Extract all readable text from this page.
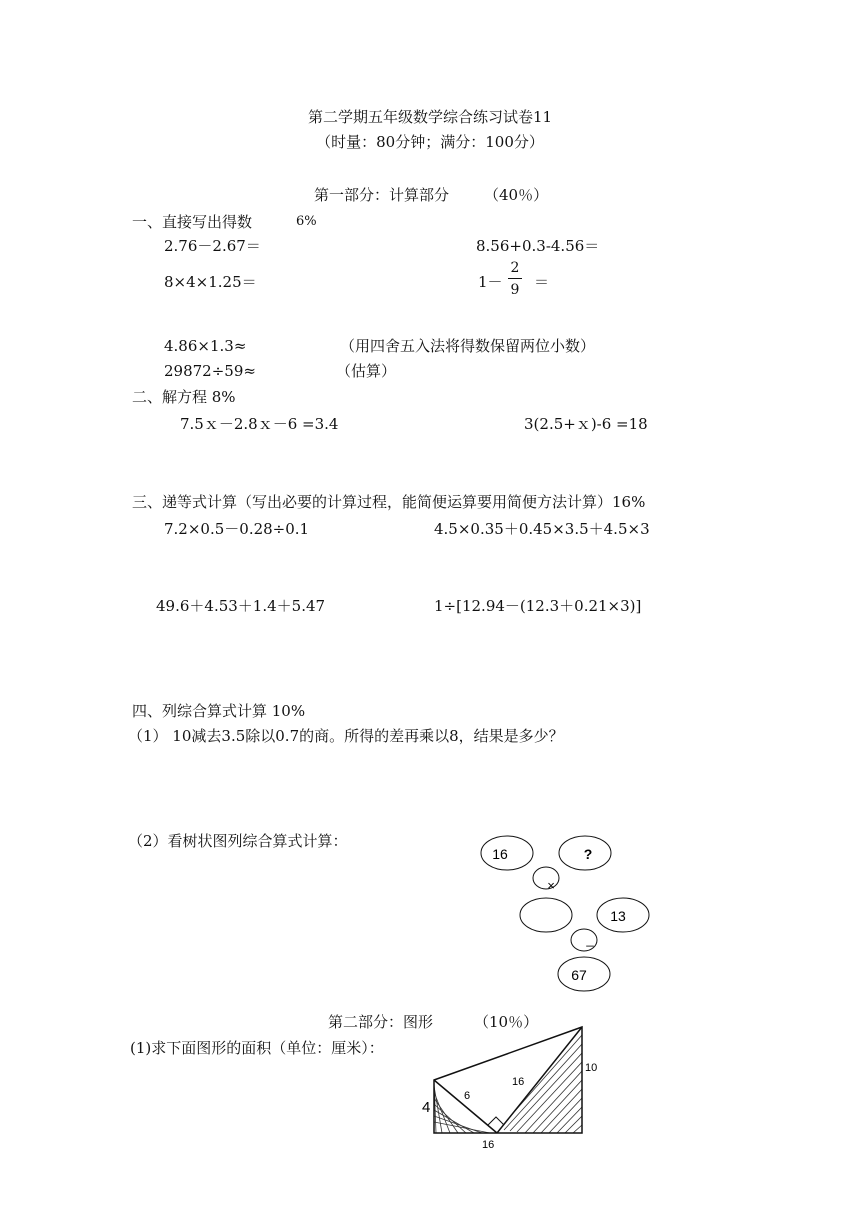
第二学期五年级数学综合练习试卷11
（时量：80分钟；满分：100分）
第一部分：计算部分 （40％）
一、直接写出得数	6%
2.76－2.67＝	8.56+0.3-4.56＝
8×4×1.25＝	1－
2
9 ＝
4.86×1.3≈	（用四舍五入法将得数保留两位小数）
29872÷59≈	（估算）
二、解方程 8%
7.5ｘ－2.8ｘ－6 =3.4	3(2.5+ｘ)-6 =18
三、递等式计算（写出必要的计算过程，能简便运算要用简便方法计算）16%
7.2×0.5－0.28÷0.1	4.5×0.35＋0.45×3.5＋4.5×3
49.6＋4.53＋1.4＋5.47	1÷[12.94－(12.3＋0.21×3)]
四、列综合算式计算 10%
（1） 10减去3.5除以0.7的商。所得的差再乘以8，结果是多少？
（2）看树状图列综合算式计算：
16	?
×
13
_
67
第二部分：图形	（10％）
(1)求下面图形的面积（单位：厘米）：
4
6
16
10
16
